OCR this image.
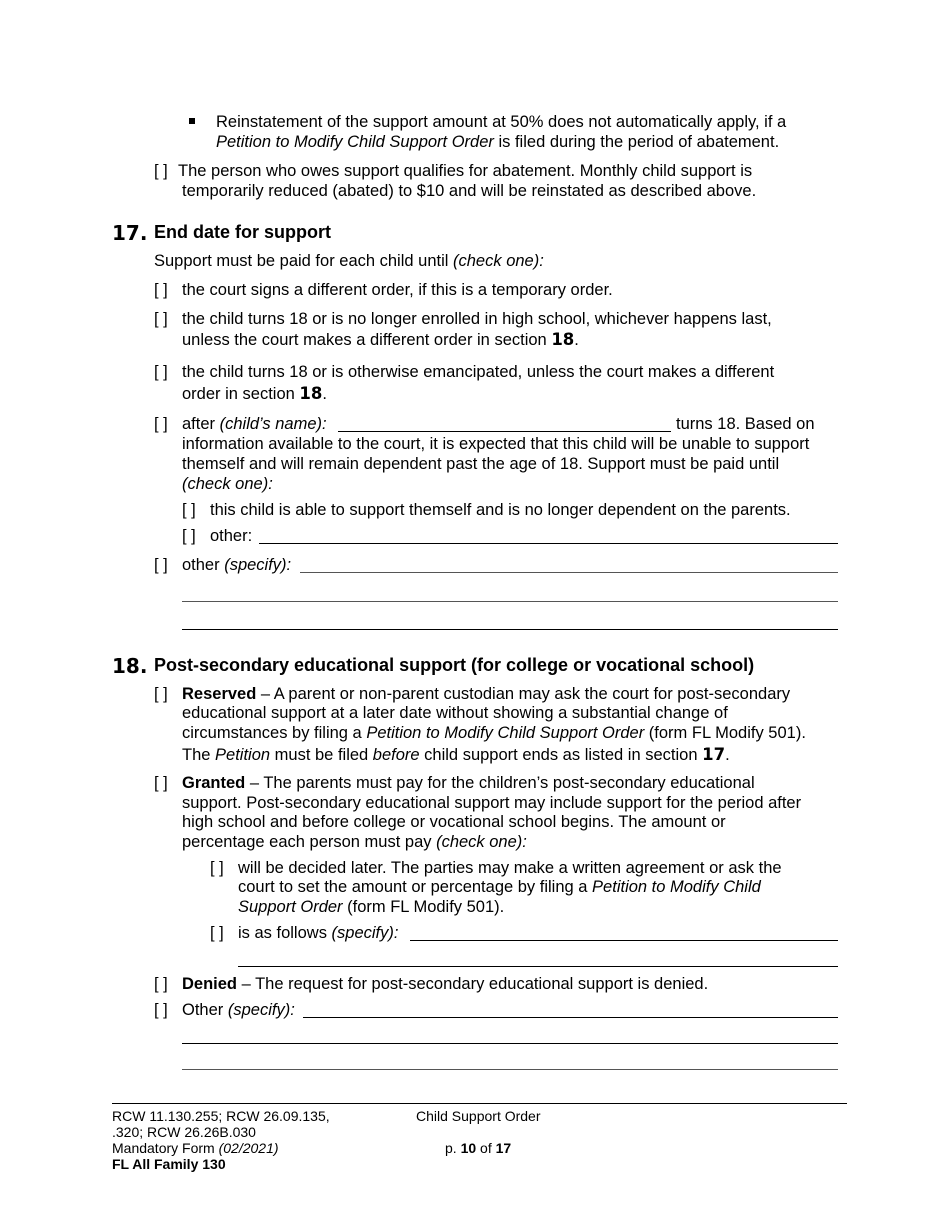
Reinstatement of the support amount at 50% does not automatically apply, if a
Petition to Modify Child Support Order is filed during the period of abatement.
[ ] The person who owes support qualifies for abatement. Monthly child support is
temporarily reduced (abated) to $10 and will be reinstated as described above.
17. End date for support
Support must be paid for each child until (check one):
[ ] the court signs a different order, if this is a temporary order.
[ ] the child turns 18 or is no longer enrolled in high school, whichever happens last,
unless the court makes a different order in section 18.
[ ] the child turns 18 or is otherwise emancipated, unless the court makes a different
order in section 18.
[ ] after (child’s name):	turns 18. Based on
information available to the court, it is expected that this child will be unable to support
themself and will remain dependent past the age of 18. Support must be paid until
(check one):
[ ] this child is able to support themself and is no longer dependent on the parents.
[ ] other:
[ ] other (specify):
18. Post-secondary educational support (for college or vocational school)
[ ] Reserved – A parent or non-parent custodian may ask the court for post-secondary
educational support at a later date without showing a substantial change of
circumstances by filing a Petition to Modify Child Support Order (form FL Modify 501).
The Petition must be filed before child support ends as listed in section 17.
[ ] Granted – The parents must pay for the children’s post-secondary educational
support. Post-secondary educational support may include support for the period after
high school and before college or vocational school begins. The amount or
percentage each person must pay (check one):
[ ] will be decided later. The parties may make a written agreement or ask the
court to set the amount or percentage by filing a Petition to Modify Child
Support Order (form FL Modify 501).
[ ] is as follows (specify):
[ ] Denied – The request for post-secondary educational support is denied.
[ ] Other (specify):
RCW 11.130.255; RCW 26.09.135,
.320; RCW 26.26B.030
Mandatory Form (02/2021)
FL All Family 130
Child Support Order
p. 10 of 17
